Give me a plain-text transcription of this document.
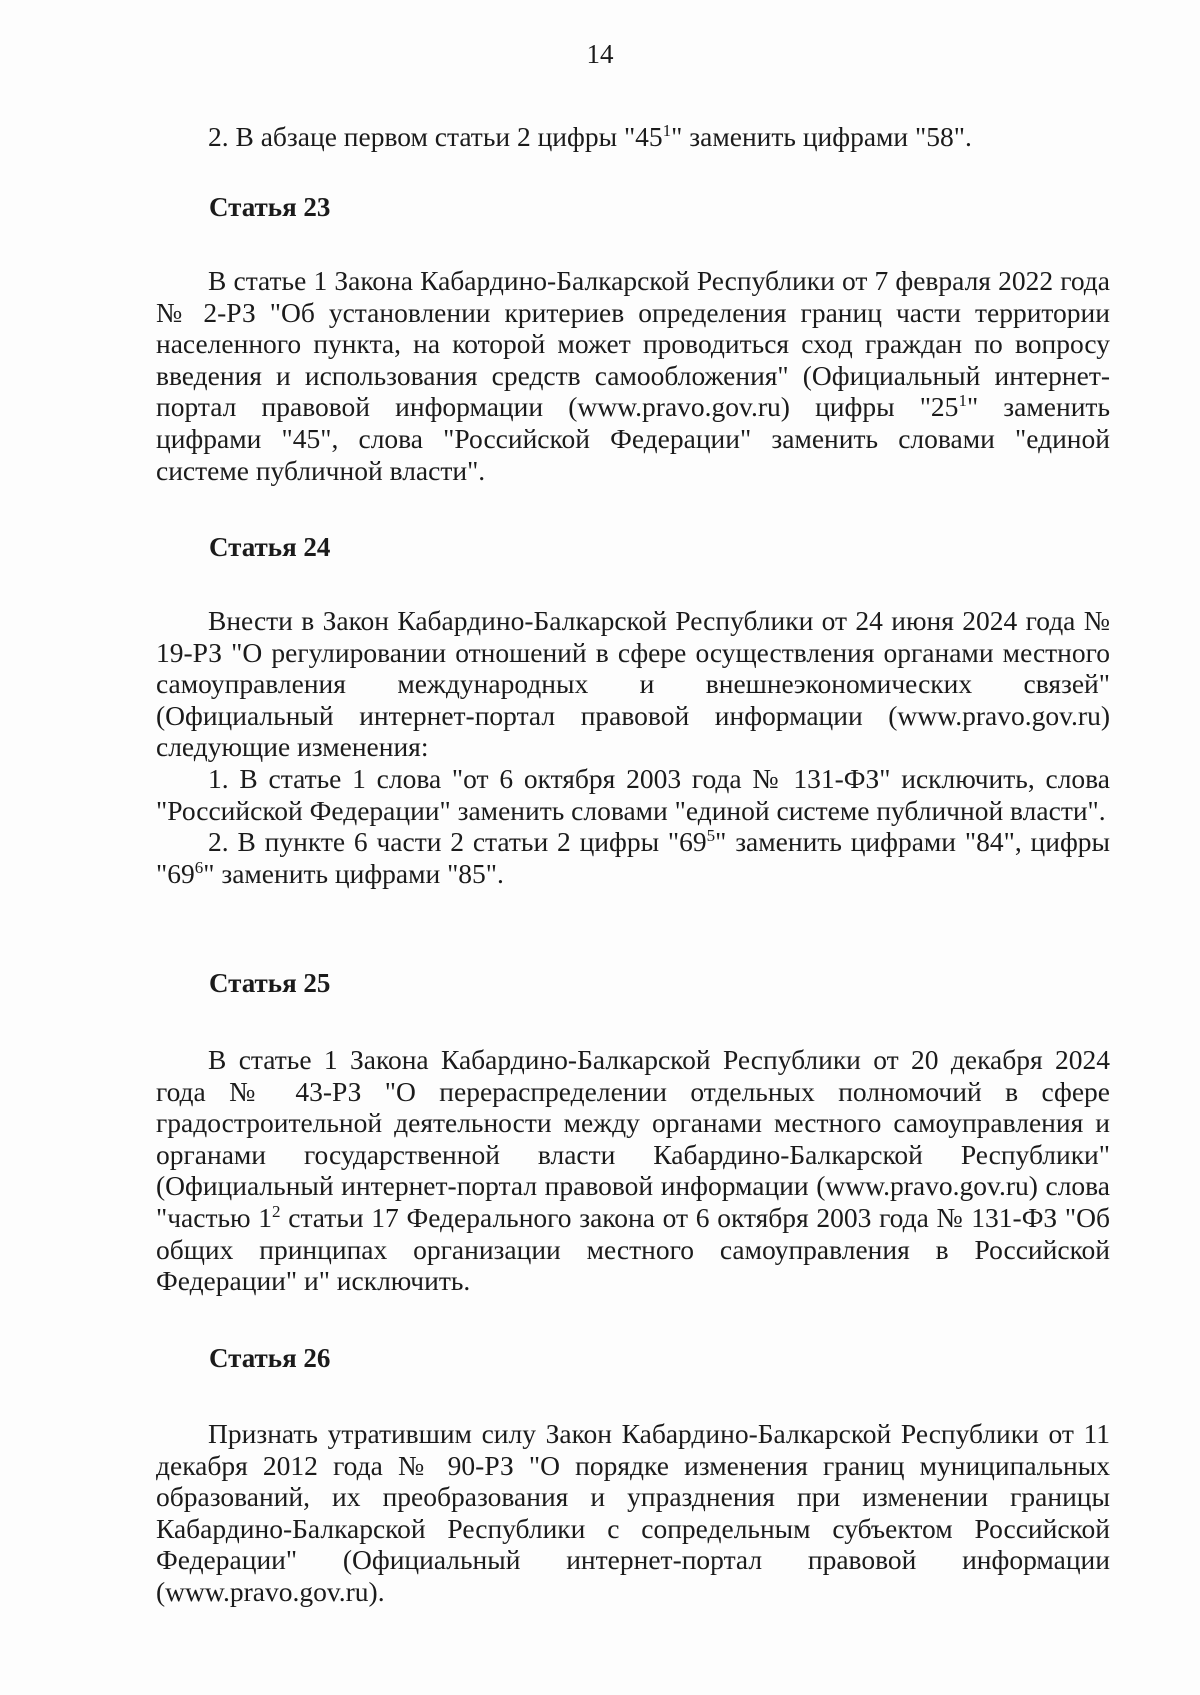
14

2. В абзаце первом статьи 2 цифры "$45^1$" заменить цифрами "58".

Статья 23

В статье 1 Закона Кабардино-Балкарской Республики от 7 февраля 2022 года № 2-РЗ "Об установлении критериев определения границ части территории населенного пункта, на которой может проводиться сход граждан по вопросу введения и использования средств самообложения" (Официальный интернет-портал правовой информации (www.pravo.gov.ru) цифры "$25^1$" заменить цифрами "45", слова "Российской Федерации" заменить словами "единой системе публичной власти".

Статья 24

Внести в Закон Кабардино-Балкарской Республики от 24 июня 2024 года № 19-РЗ "О регулировании отношений в сфере осуществления органами местного самоуправления международных и внешнеэкономических связей" (Официальный интернет-портал правовой информации (www.pravo.gov.ru) следующие изменения:

1. В статье 1 слова "от 6 октября 2003 года № 131-ФЗ" исключить, слова "Российской Федерации" заменить словами "единой системе публичной власти".

2. В пункте 6 части 2 статьи 2 цифры "$69^5$" заменить цифрами "84", цифры "$69^6$" заменить цифрами "85".

Статья 25

В статье 1 Закона Кабардино-Балкарской Республики от 20 декабря 2024 года № 43-РЗ "О перераспределении отдельных полномочий в сфере градостроительной деятельности между органами местного самоуправления и органами государственной власти Кабардино-Балкарской Республики" (Официальный интернет-портал правовой информации (www.pravo.gov.ru) слова "частью $1^2$ статьи 17 Федерального закона от 6 октября 2003 года № 131-ФЗ "Об общих принципах организации местного самоуправления в Российской Федерации" и" исключить.

Статья 26

Признать утратившим силу Закон Кабардино-Балкарской Республики от 11 декабря 2012 года № 90-РЗ "О порядке изменения границ муниципальных образований, их преобразования и упразднения при изменении границы Кабардино-Балкарской Республики с сопредельным субъектом Российской Федерации" (Официальный интернет-портал правовой информации (www.pravo.gov.ru).
